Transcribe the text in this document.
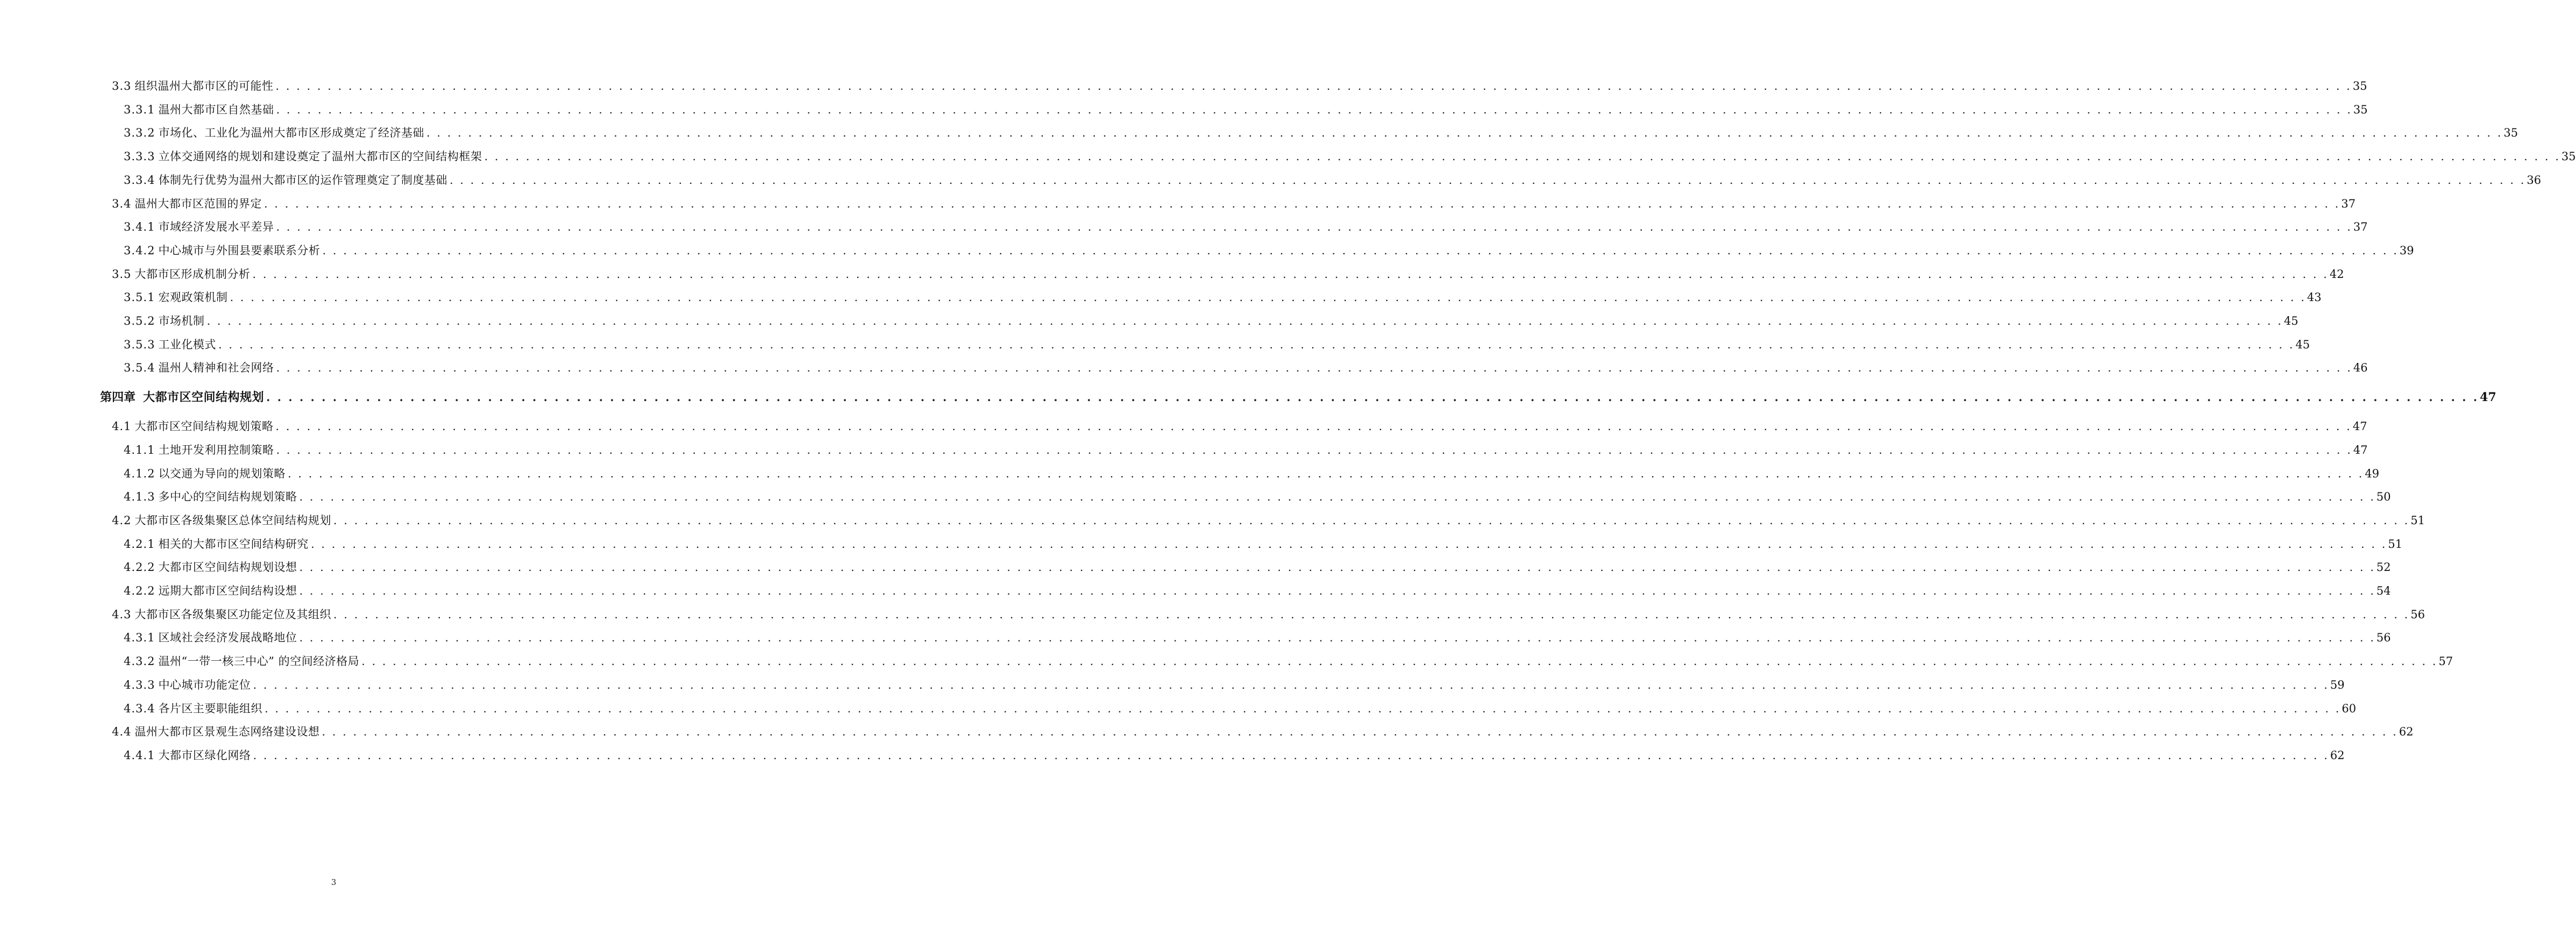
3.3 组织温州大都市区的可能性 . . . . . . . . . . . . . . . . . . . . . . . . . . . . . . . . . . . . . . . . . . . . . . . . . . . . . . . . . . . . . . . . . . . . . . . . . . . . . . . . . . . . . . . . . . . . . . . . . . . . . . . . . . . . . . . . . . . . . . . . . . . . . . . . . . . . . . . . . . . . . . . . . . . . . . . . . . . . . . . . . . . . . . . . . . . . . . . . . . . . . . . . . . . . . . . . . . . . . . . . 35
3.3.1 温州大都市区自然基础 . . . . . . . . . . . . . . . . . . . . . . . . . . . . . . . . . . . . . . . . . . . . . . . . . . . . . . . . . . . . . . . . . . . . . . . . . . . . . . . . . . . . . . . . . . . . . . . . . . . . . . . . . . . . . . . . . . . . . . . . . . . . . . . . . . . . . . . . . . . . . . . . . . . . . . . . . . . . . . . . . . . . . . . . . . . . . . . . . . . . . . . . . . . . . . . . . . . . . . . . 35
3.3.2 市场化、工业化为温州大都市区形成奠定了经济基础 . . . . . . . . . . . . . . . . . . . . . . . . . . . . . . . . . . . . . . . . . . . . . . . . . . . . . . . . . . . . . . . . . . . . . . . . . . . . . . . . . . . . . . . . . . . . . . . . . . . . . . . . . . . . . . . . . . . . . . . . . . . . . . . . . . . . . . . . . . . . . . . . . . . . . . . . . . . . . . . . . . . . . . . . . . . . . . . . . . . . . . . . . . . . . . . . . . . . . . . . 35
3.3.3 立体交通网络的规划和建设奠定了温州大都市区的空间结构框架 . . . . . . . . . . . . . . . . . . . . . . . . . . . . . . . . . . . . . . . . . . . . . . . . . . . . . . . . . . . . . . . . . . . . . . . . . . . . . . . . . . . . . . . . . . . . . . . . . . . . . . . . . . . . . . . . . . . . . . . . . . . . . . . . . . . . . . . . . . . . . . . . . . . . . . . . . . . . . . . . . . . . . . . . . . . . . . . . . . . . . . . . . . . . . . . . . . . . . . . . 35
3.3.4 体制先行优势为温州大都市区的运作管理奠定了制度基础 . . . . . . . . . . . . . . . . . . . . . . . . . . . . . . . . . . . . . . . . . . . . . . . . . . . . . . . . . . . . . . . . . . . . . . . . . . . . . . . . . . . . . . . . . . . . . . . . . . . . . . . . . . . . . . . . . . . . . . . . . . . . . . . . . . . . . . . . . . . . . . . . . . . . . . . . . . . . . . . . . . . . . . . . . . . . . . . . . . . . . . . . . . . . . . . . . . . . . . . . 36
3.4 温州大都市区范围的界定 . . . . . . . . . . . . . . . . . . . . . . . . . . . . . . . . . . . . . . . . . . . . . . . . . . . . . . . . . . . . . . . . . . . . . . . . . . . . . . . . . . . . . . . . . . . . . . . . . . . . . . . . . . . . . . . . . . . . . . . . . . . . . . . . . . . . . . . . . . . . . . . . . . . . . . . . . . . . . . . . . . . . . . . . . . . . . . . . . . . . . . . . . . . . . . . . . . . . . . . . 37
3.4.1 市域经济发展水平差异 . . . . . . . . . . . . . . . . . . . . . . . . . . . . . . . . . . . . . . . . . . . . . . . . . . . . . . . . . . . . . . . . . . . . . . . . . . . . . . . . . . . . . . . . . . . . . . . . . . . . . . . . . . . . . . . . . . . . . . . . . . . . . . . . . . . . . . . . . . . . . . . . . . . . . . . . . . . . . . . . . . . . . . . . . . . . . . . . . . . . . . . . . . . . . . . . . . . . . . . . 37
3.4.2 中心城市与外围县要素联系分析 . . . . . . . . . . . . . . . . . . . . . . . . . . . . . . . . . . . . . . . . . . . . . . . . . . . . . . . . . . . . . . . . . . . . . . . . . . . . . . . . . . . . . . . . . . . . . . . . . . . . . . . . . . . . . . . . . . . . . . . . . . . . . . . . . . . . . . . . . . . . . . . . . . . . . . . . . . . . . . . . . . . . . . . . . . . . . . . . . . . . . . . . . . . . . . . . . . . . . . . . 39
3.5 大都市区形成机制分析 . . . . . . . . . . . . . . . . . . . . . . . . . . . . . . . . . . . . . . . . . . . . . . . . . . . . . . . . . . . . . . . . . . . . . . . . . . . . . . . . . . . . . . . . . . . . . . . . . . . . . . . . . . . . . . . . . . . . . . . . . . . . . . . . . . . . . . . . . . . . . . . . . . . . . . . . . . . . . . . . . . . . . . . . . . . . . . . . . . . . . . . . . . . . . . . . . . . . . . . . 42
3.5.1 宏观政策机制 . . . . . . . . . . . . . . . . . . . . . . . . . . . . . . . . . . . . . . . . . . . . . . . . . . . . . . . . . . . . . . . . . . . . . . . . . . . . . . . . . . . . . . . . . . . . . . . . . . . . . . . . . . . . . . . . . . . . . . . . . . . . . . . . . . . . . . . . . . . . . . . . . . . . . . . . . . . . . . . . . . . . . . . . . . . . . . . . . . . . . . . . . . . . . . . . . . . . . . . . 43
3.5.2 市场机制 . . . . . . . . . . . . . . . . . . . . . . . . . . . . . . . . . . . . . . . . . . . . . . . . . . . . . . . . . . . . . . . . . . . . . . . . . . . . . . . . . . . . . . . . . . . . . . . . . . . . . . . . . . . . . . . . . . . . . . . . . . . . . . . . . . . . . . . . . . . . . . . . . . . . . . . . . . . . . . . . . . . . . . . . . . . . . . . . . . . . . . . . . . . . . . . . . . . . . . . . 45
3.5.3 工业化模式 . . . . . . . . . . . . . . . . . . . . . . . . . . . . . . . . . . . . . . . . . . . . . . . . . . . . . . . . . . . . . . . . . . . . . . . . . . . . . . . . . . . . . . . . . . . . . . . . . . . . . . . . . . . . . . . . . . . . . . . . . . . . . . . . . . . . . . . . . . . . . . . . . . . . . . . . . . . . . . . . . . . . . . . . . . . . . . . . . . . . . . . . . . . . . . . . . . . . . . . . 45
3.5.4 温州人精神和社会网络 . . . . . . . . . . . . . . . . . . . . . . . . . . . . . . . . . . . . . . . . . . . . . . . . . . . . . . . . . . . . . . . . . . . . . . . . . . . . . . . . . . . . . . . . . . . . . . . . . . . . . . . . . . . . . . . . . . . . . . . . . . . . . . . . . . . . . . . . . . . . . . . . . . . . . . . . . . . . . . . . . . . . . . . . . . . . . . . . . . . . . . . . . . . . . . . . . . . . . . . . 46
第四章 大都市区空间结构规划 . . . . . . . . . . . . . . . . . . . . . . . . . . . . . . . . . . . . . . . . . . . . . . . . . . . . . . . . . . . . . . . . . . . . . . . . . . . . . . . . . . . . . . . . . . . . . . . . . . . . . . . . . . . . . . . . . . . . . . . . . . . . . . . . . . . . . . . . . . . . . . . . . . . . . . . . . . . . . . . . . . . . . . . . . . . . . . . . . . . . . . . . . . . . . . . . . . . . . . . . 47
4.1 大都市区空间结构规划策略 . . . . . . . . . . . . . . . . . . . . . . . . . . . . . . . . . . . . . . . . . . . . . . . . . . . . . . . . . . . . . . . . . . . . . . . . . . . . . . . . . . . . . . . . . . . . . . . . . . . . . . . . . . . . . . . . . . . . . . . . . . . . . . . . . . . . . . . . . . . . . . . . . . . . . . . . . . . . . . . . . . . . . . . . . . . . . . . . . . . . . . . . . . . . . . . . . . . . . . . . 47
4.1.1 土地开发利用控制策略 . . . . . . . . . . . . . . . . . . . . . . . . . . . . . . . . . . . . . . . . . . . . . . . . . . . . . . . . . . . . . . . . . . . . . . . . . . . . . . . . . . . . . . . . . . . . . . . . . . . . . . . . . . . . . . . . . . . . . . . . . . . . . . . . . . . . . . . . . . . . . . . . . . . . . . . . . . . . . . . . . . . . . . . . . . . . . . . . . . . . . . . . . . . . . . . . . . . . . . . . 47
4.1.2 以交通为导向的规划策略 . . . . . . . . . . . . . . . . . . . . . . . . . . . . . . . . . . . . . . . . . . . . . . . . . . . . . . . . . . . . . . . . . . . . . . . . . . . . . . . . . . . . . . . . . . . . . . . . . . . . . . . . . . . . . . . . . . . . . . . . . . . . . . . . . . . . . . . . . . . . . . . . . . . . . . . . . . . . . . . . . . . . . . . . . . . . . . . . . . . . . . . . . . . . . . . . . . . . . . . . 49
4.1.3 多中心的空间结构规划策略 . . . . . . . . . . . . . . . . . . . . . . . . . . . . . . . . . . . . . . . . . . . . . . . . . . . . . . . . . . . . . . . . . . . . . . . . . . . . . . . . . . . . . . . . . . . . . . . . . . . . . . . . . . . . . . . . . . . . . . . . . . . . . . . . . . . . . . . . . . . . . . . . . . . . . . . . . . . . . . . . . . . . . . . . . . . . . . . . . . . . . . . . . . . . . . . . . . . . . . . . 50
4.2 大都市区各级集聚区总体空间结构规划 . . . . . . . . . . . . . . . . . . . . . . . . . . . . . . . . . . . . . . . . . . . . . . . . . . . . . . . . . . . . . . . . . . . . . . . . . . . . . . . . . . . . . . . . . . . . . . . . . . . . . . . . . . . . . . . . . . . . . . . . . . . . . . . . . . . . . . . . . . . . . . . . . . . . . . . . . . . . . . . . . . . . . . . . . . . . . . . . . . . . . . . . . . . . . . . . . . . . . . . . 51
4.2.1 相关的大都市区空间结构研究 . . . . . . . . . . . . . . . . . . . . . . . . . . . . . . . . . . . . . . . . . . . . . . . . . . . . . . . . . . . . . . . . . . . . . . . . . . . . . . . . . . . . . . . . . . . . . . . . . . . . . . . . . . . . . . . . . . . . . . . . . . . . . . . . . . . . . . . . . . . . . . . . . . . . . . . . . . . . . . . . . . . . . . . . . . . . . . . . . . . . . . . . . . . . . . . . . . . . . . . . 51
4.2.2 大都市区空间结构规划设想 . . . . . . . . . . . . . . . . . . . . . . . . . . . . . . . . . . . . . . . . . . . . . . . . . . . . . . . . . . . . . . . . . . . . . . . . . . . . . . . . . . . . . . . . . . . . . . . . . . . . . . . . . . . . . . . . . . . . . . . . . . . . . . . . . . . . . . . . . . . . . . . . . . . . . . . . . . . . . . . . . . . . . . . . . . . . . . . . . . . . . . . . . . . . . . . . . . . . . . . . 52
4.2.2 远期大都市区空间结构设想 . . . . . . . . . . . . . . . . . . . . . . . . . . . . . . . . . . . . . . . . . . . . . . . . . . . . . . . . . . . . . . . . . . . . . . . . . . . . . . . . . . . . . . . . . . . . . . . . . . . . . . . . . . . . . . . . . . . . . . . . . . . . . . . . . . . . . . . . . . . . . . . . . . . . . . . . . . . . . . . . . . . . . . . . . . . . . . . . . . . . . . . . . . . . . . . . . . . . . . . . 54
4.3 大都市区各级集聚区功能定位及其组织 . . . . . . . . . . . . . . . . . . . . . . . . . . . . . . . . . . . . . . . . . . . . . . . . . . . . . . . . . . . . . . . . . . . . . . . . . . . . . . . . . . . . . . . . . . . . . . . . . . . . . . . . . . . . . . . . . . . . . . . . . . . . . . . . . . . . . . . . . . . . . . . . . . . . . . . . . . . . . . . . . . . . . . . . . . . . . . . . . . . . . . . . . . . . . . . . . . . . . . . . 56
4.3.1 区域社会经济发展战略地位 . . . . . . . . . . . . . . . . . . . . . . . . . . . . . . . . . . . . . . . . . . . . . . . . . . . . . . . . . . . . . . . . . . . . . . . . . . . . . . . . . . . . . . . . . . . . . . . . . . . . . . . . . . . . . . . . . . . . . . . . . . . . . . . . . . . . . . . . . . . . . . . . . . . . . . . . . . . . . . . . . . . . . . . . . . . . . . . . . . . . . . . . . . . . . . . . . . . . . . . . 56
4.3.2 温州“一带一核三中心” 的空间经济格局 . . . . . . . . . . . . . . . . . . . . . . . . . . . . . . . . . . . . . . . . . . . . . . . . . . . . . . . . . . . . . . . . . . . . . . . . . . . . . . . . . . . . . . . . . . . . . . . . . . . . . . . . . . . . . . . . . . . . . . . . . . . . . . . . . . . . . . . . . . . . . . . . . . . . . . . . . . . . . . . . . . . . . . . . . . . . . . . . . . . . . . . . . . . . . . . . . . . . . . . . 57
4.3.3 中心城市功能定位 . . . . . . . . . . . . . . . . . . . . . . . . . . . . . . . . . . . . . . . . . . . . . . . . . . . . . . . . . . . . . . . . . . . . . . . . . . . . . . . . . . . . . . . . . . . . . . . . . . . . . . . . . . . . . . . . . . . . . . . . . . . . . . . . . . . . . . . . . . . . . . . . . . . . . . . . . . . . . . . . . . . . . . . . . . . . . . . . . . . . . . . . . . . . . . . . . . . . . . . . 59
4.3.4 各片区主要职能组织 . . . . . . . . . . . . . . . . . . . . . . . . . . . . . . . . . . . . . . . . . . . . . . . . . . . . . . . . . . . . . . . . . . . . . . . . . . . . . . . . . . . . . . . . . . . . . . . . . . . . . . . . . . . . . . . . . . . . . . . . . . . . . . . . . . . . . . . . . . . . . . . . . . . . . . . . . . . . . . . . . . . . . . . . . . . . . . . . . . . . . . . . . . . . . . . . . . . . . . . . 60
4.4 温州大都市区景观生态网络建设设想 . . . . . . . . . . . . . . . . . . . . . . . . . . . . . . . . . . . . . . . . . . . . . . . . . . . . . . . . . . . . . . . . . . . . . . . . . . . . . . . . . . . . . . . . . . . . . . . . . . . . . . . . . . . . . . . . . . . . . . . . . . . . . . . . . . . . . . . . . . . . . . . . . . . . . . . . . . . . . . . . . . . . . . . . . . . . . . . . . . . . . . . . . . . . . . . . . . . . . . . . 62
4.4.1 大都市区绿化网络 . . . . . . . . . . . . . . . . . . . . . . . . . . . . . . . . . . . . . . . . . . . . . . . . . . . . . . . . . . . . . . . . . . . . . . . . . . . . . . . . . . . . . . . . . . . . . . . . . . . . . . . . . . . . . . . . . . . . . . . . . . . . . . . . . . . . . . . . . . . . . . . . . . . . . . . . . . . . . . . . . . . . . . . . . . . . . . . . . . . . . . . . . . . . . . . . . . . . . . . . 62
3
